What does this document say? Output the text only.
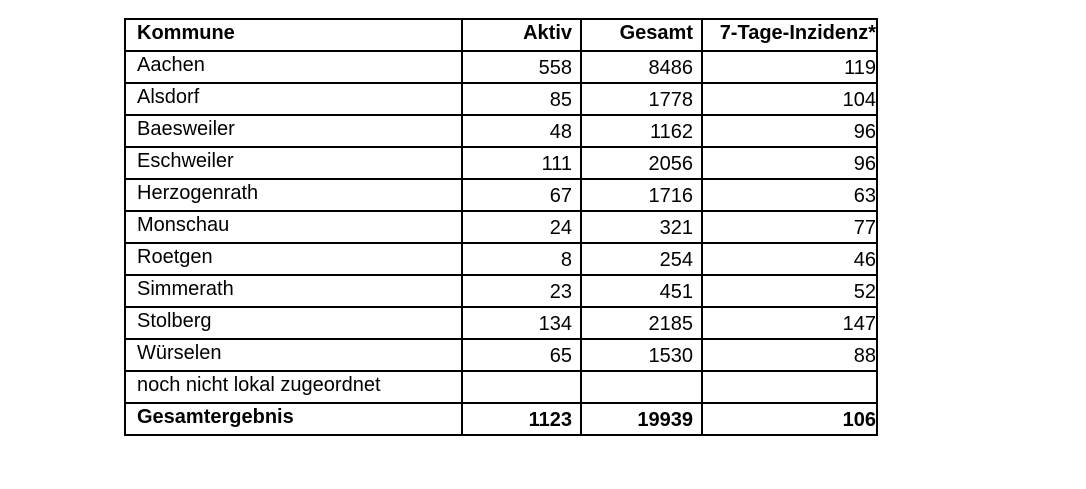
Kommune	Aktiv	Gesamt	7-Tage-Inzidenz*
Aachen	558	8486	119
Alsdorf	85	1778	104
Baesweiler	48	1162	96
Eschweiler	111	2056	96
Herzogenrath	67	1716	63
Monschau	24	321	77
Roetgen	8	254	46
Simmerath	23	451	52
Stolberg	134	2185	147
Würselen	65	1530	88
noch nicht lokal zugeordnet			
Gesamtergebnis	1123	19939	106
